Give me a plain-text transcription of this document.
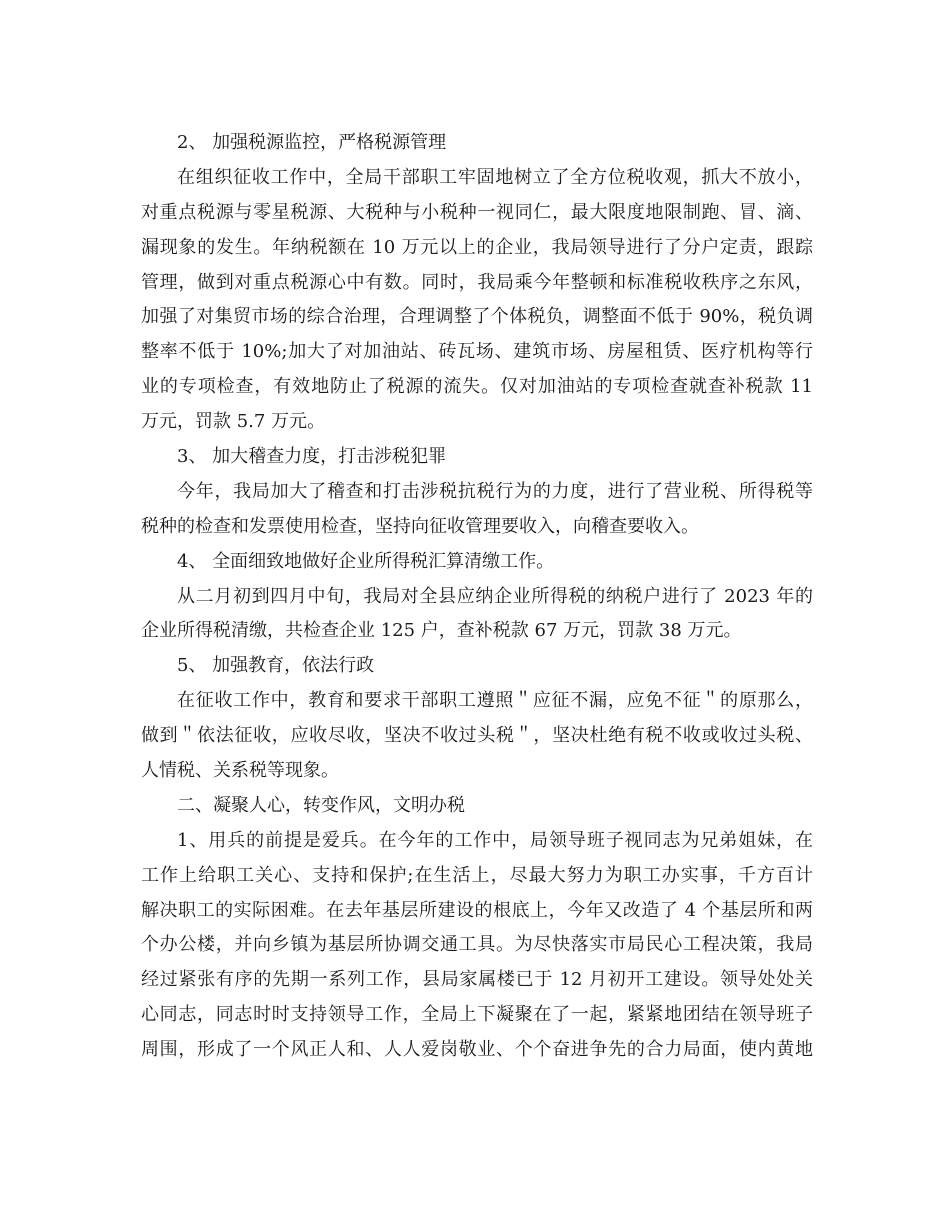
2、 加强税源监控，严格税源管理
在组织征收工作中，全局干部职工牢固地树立了全方位税收观，抓大不放小，
对重点税源与零星税源、大税种与小税种一视同仁，最大限度地限制跑、冒、滴、
漏现象的发生。年纳税额在 10 万元以上的企业，我局领导进行了分户定责，跟踪
管理，做到对重点税源心中有数。同时，我局乘今年整顿和标准税收秩序之东风，
加强了对集贸市场的综合治理，合理调整了个体税负，调整面不低于 90%，税负调
整率不低于 10%;加大了对加油站、砖瓦场、建筑市场、房屋租赁、医疗机构等行
业的专项检查，有效地防止了税源的流失。仅对加油站的专项检查就查补税款 11
万元，罚款 5.7 万元。
3、 加大稽查力度，打击涉税犯罪
今年，我局加大了稽查和打击涉税抗税行为的力度，进行了营业税、所得税等
税种的检查和发票使用检查，坚持向征收管理要收入，向稽查要收入。
4、 全面细致地做好企业所得税汇算清缴工作。
从二月初到四月中旬，我局对全县应纳企业所得税的纳税户进行了 2023 年的
企业所得税清缴，共检查企业 125 户，查补税款 67 万元，罚款 38 万元。
5、 加强教育，依法行政
在征收工作中，教育和要求干部职工遵照＂应征不漏，应免不征＂的原那么，
做到＂依法征收，应收尽收，坚决不收过头税＂，坚决杜绝有税不收或收过头税、
人情税、关系税等现象。
二、凝聚人心，转变作风，文明办税
1、用兵的前提是爱兵。在今年的工作中，局领导班子视同志为兄弟姐妹，在
工作上给职工关心、支持和保护;在生活上，尽最大努力为职工办实事，千方百计
解决职工的实际困难。在去年基层所建设的根底上，今年又改造了 4 个基层所和两
个办公楼，并向乡镇为基层所协调交通工具。为尽快落实市局民心工程决策，我局
经过紧张有序的先期一系列工作，县局家属楼已于 12 月初开工建设。领导处处关
心同志，同志时时支持领导工作，全局上下凝聚在了一起，紧紧地团结在领导班子
周围，形成了一个风正人和、人人爱岗敬业、个个奋进争先的合力局面，使内黄地
